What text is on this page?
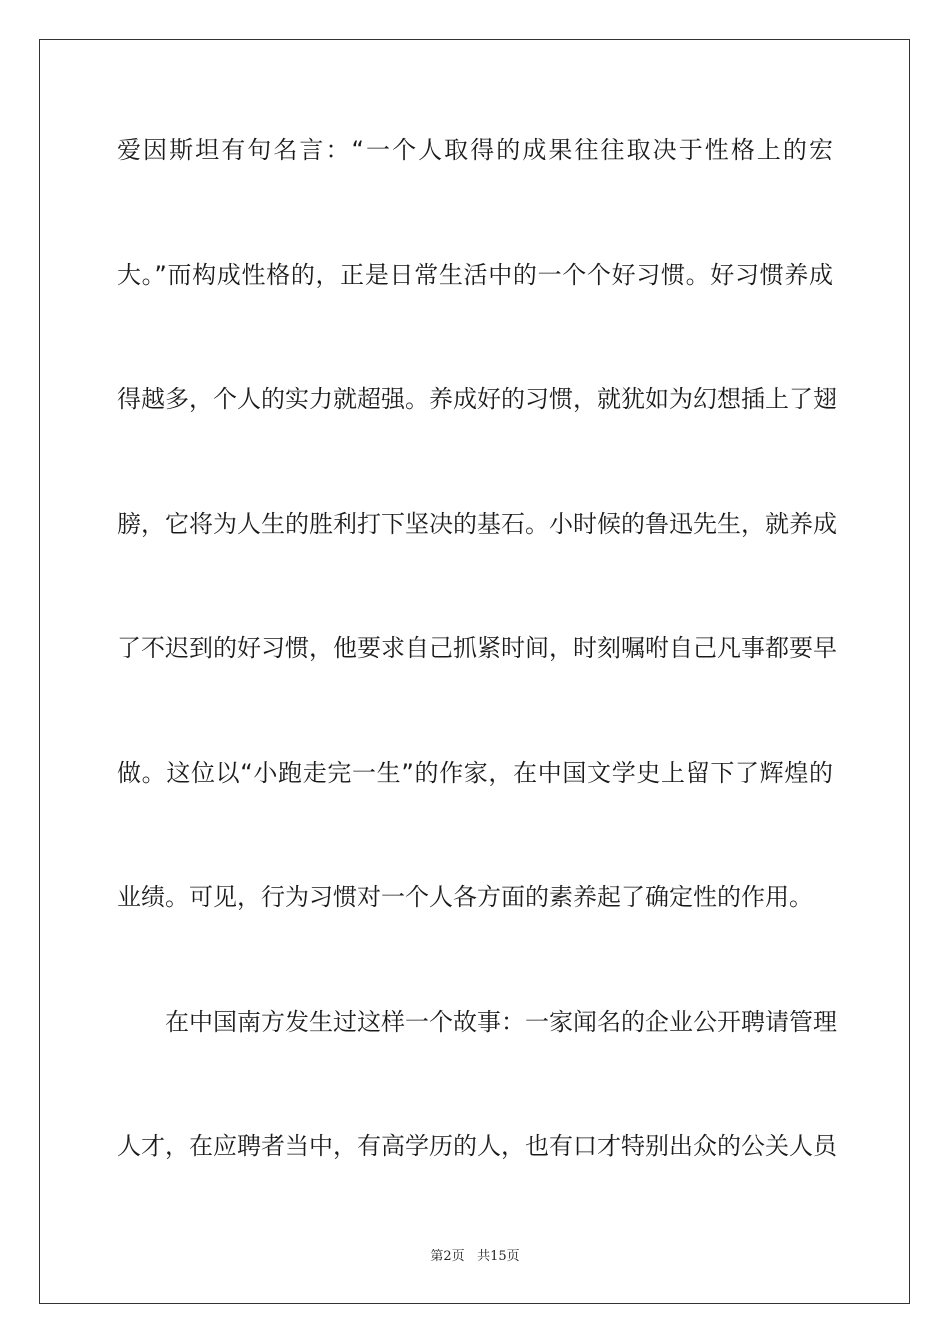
爱因斯坦有句名言：“一个人取得的成果往往取决于性格上的宏
大。”而构成性格的，正是日常生活中的一个个好习惯。好习惯养成
得越多，个人的实力就超强。养成好的习惯，就犹如为幻想插上了翅
膀，它将为人生的胜利打下坚决的基石。小时候的鲁迅先生，就养成
了不迟到的好习惯，他要求自己抓紧时间，时刻嘱咐自己凡事都要早
做。这位以“小跑走完一生”的作家，在中国文学史上留下了辉煌的
业绩。可见，行为习惯对一个人各方面的素养起了确定性的作用。
在中国南方发生过这样一个故事：一家闻名的企业公开聘请管理
人才，在应聘者当中，有高学历的人，也有口才特别出众的公关人员
第2页 共15页
